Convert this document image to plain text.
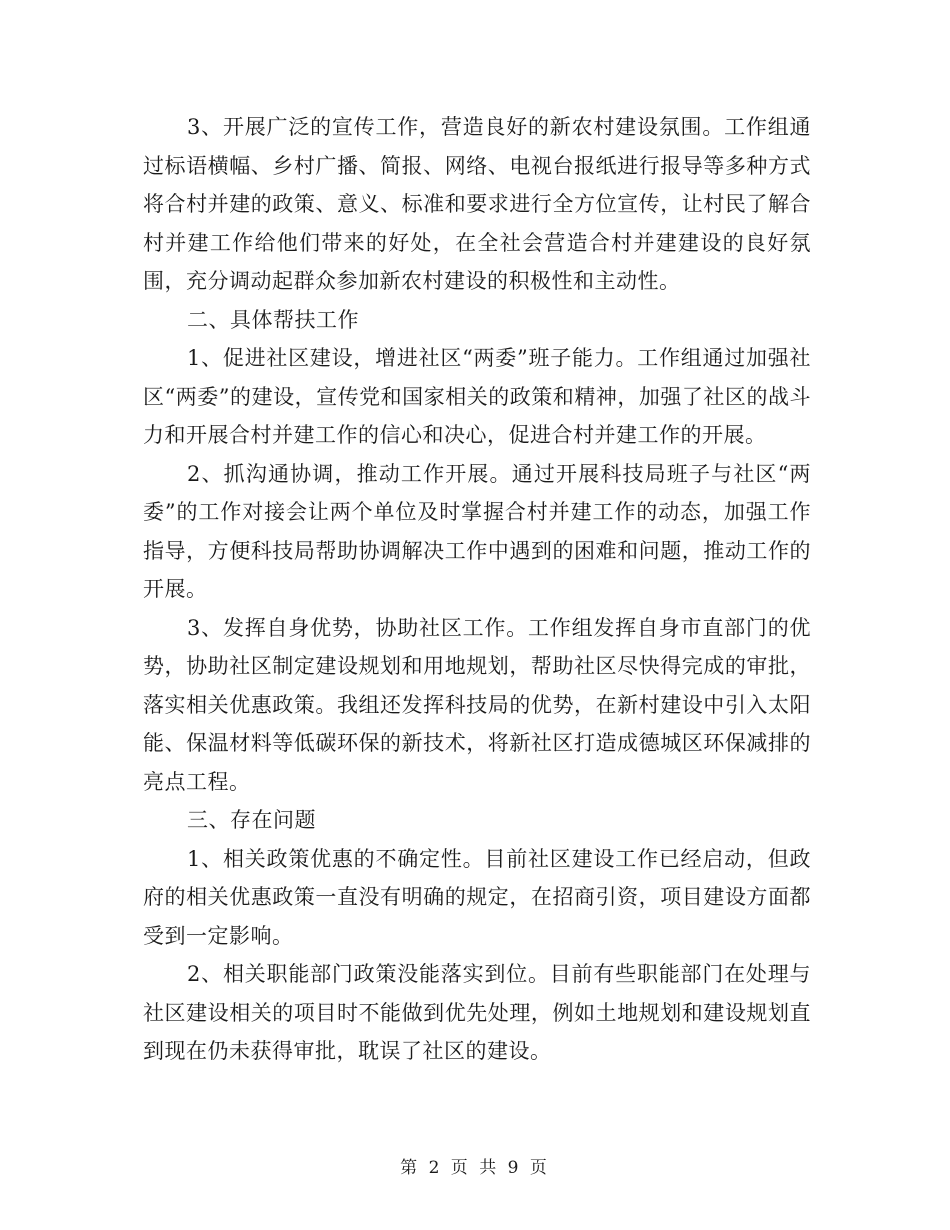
3、开展广泛的宣传工作，营造良好的新农村建设氛围。工作组通过标语横幅、乡村广播、简报、网络、电视台报纸进行报导等多种方式将合村并建的政策、意义、标准和要求进行全方位宣传，让村民了解合村并建工作给他们带来的好处，在全社会营造合村并建建设的良好氛围，充分调动起群众参加新农村建设的积极性和主动性。

二、具体帮扶工作

1、促进社区建设，增进社区“两委”班子能力。工作组通过加强社区“两委”的建设，宣传党和国家相关的政策和精神，加强了社区的战斗力和开展合村并建工作的信心和决心，促进合村并建工作的开展。

2、抓沟通协调，推动工作开展。通过开展科技局班子与社区“两委”的工作对接会让两个单位及时掌握合村并建工作的动态，加强工作指导，方便科技局帮助协调解决工作中遇到的困难和问题，推动工作的开展。

3、发挥自身优势，协助社区工作。工作组发挥自身市直部门的优势，协助社区制定建设规划和用地规划，帮助社区尽快得完成的审批，落实相关优惠政策。我组还发挥科技局的优势，在新村建设中引入太阳能、保温材料等低碳环保的新技术，将新社区打造成德城区环保减排的亮点工程。

三、存在问题

1、相关政策优惠的不确定性。目前社区建设工作已经启动，但政府的相关优惠政策一直没有明确的规定，在招商引资，项目建设方面都受到一定影响。

2、相关职能部门政策没能落实到位。目前有些职能部门在处理与社区建设相关的项目时不能做到优先处理，例如土地规划和建设规划直到现在仍未获得审批，耽误了社区的建设。

第 2 页 共 9 页
